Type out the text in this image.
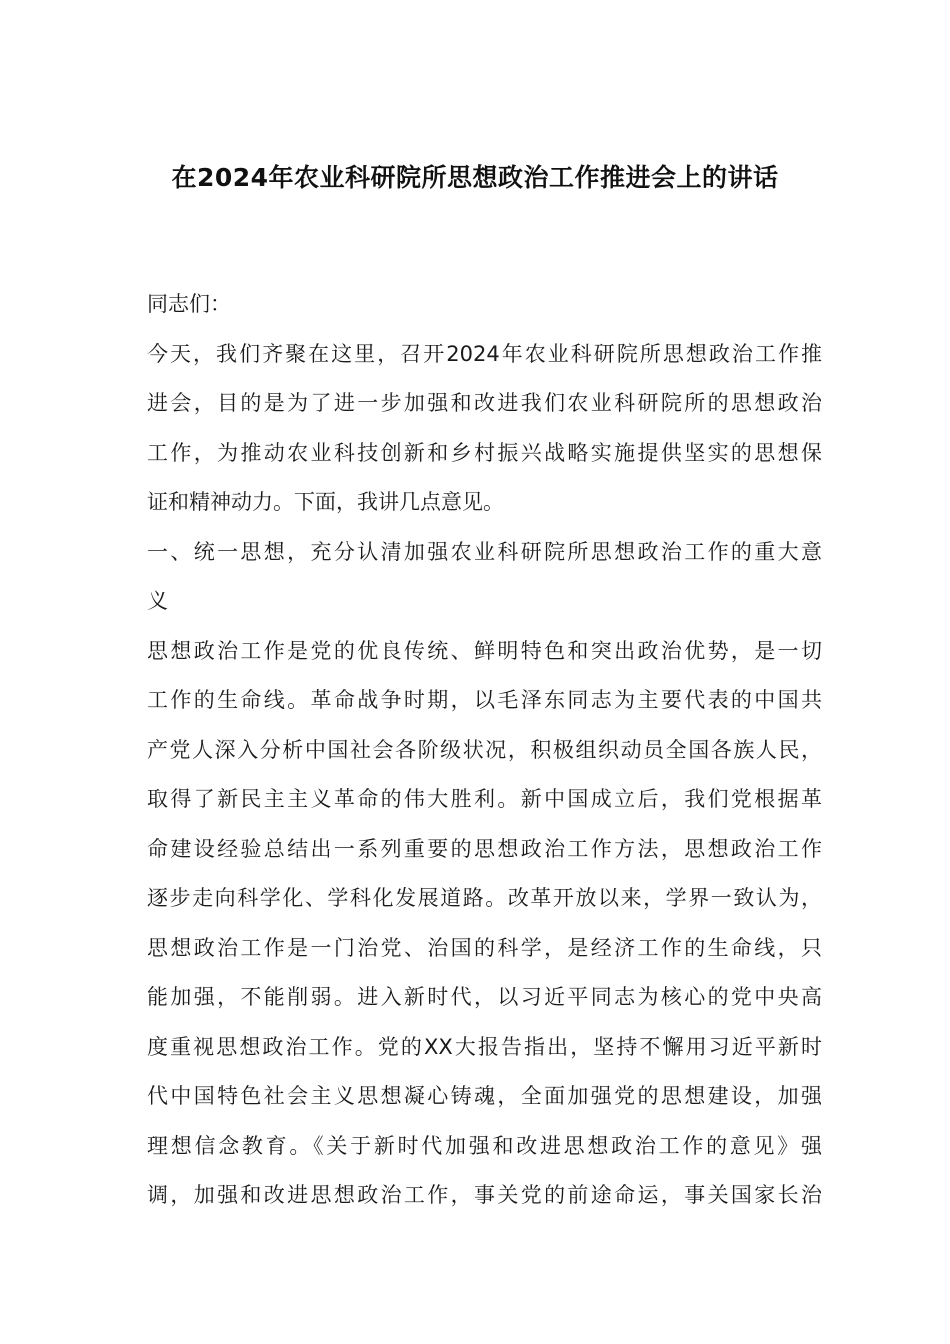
在2024年农业科研院所思想政治工作推进会上的讲话
同志们：
今天，我们齐聚在这里，召开2024年农业科研院所思想政治工作推
进会，目的是为了进一步加强和改进我们农业科研院所的思想政治
工作，为推动农业科技创新和乡村振兴战略实施提供坚实的思想保
证和精神动力。下面，我讲几点意见。
一、统一思想，充分认清加强农业科研院所思想政治工作的重大意
义
思想政治工作是党的优良传统、鲜明特色和突出政治优势，是一切
工作的生命线。革命战争时期，以毛泽东同志为主要代表的中国共
产党人深入分析中国社会各阶级状况，积极组织动员全国各族人民，
取得了新民主主义革命的伟大胜利。新中国成立后，我们党根据革
命建设经验总结出一系列重要的思想政治工作方法，思想政治工作
逐步走向科学化、学科化发展道路。改革开放以来，学界一致认为，
思想政治工作是一门治党、治国的科学，是经济工作的生命线，只
能加强，不能削弱。进入新时代，以习近平同志为核心的党中央高
度重视思想政治工作。党的XX大报告指出，坚持不懈用习近平新时
代中国特色社会主义思想凝心铸魂，全面加强党的思想建设，加强
理想信念教育。《关于新时代加强和改进思想政治工作的意见》强
调，加强和改进思想政治工作，事关党的前途命运，事关国家长治
